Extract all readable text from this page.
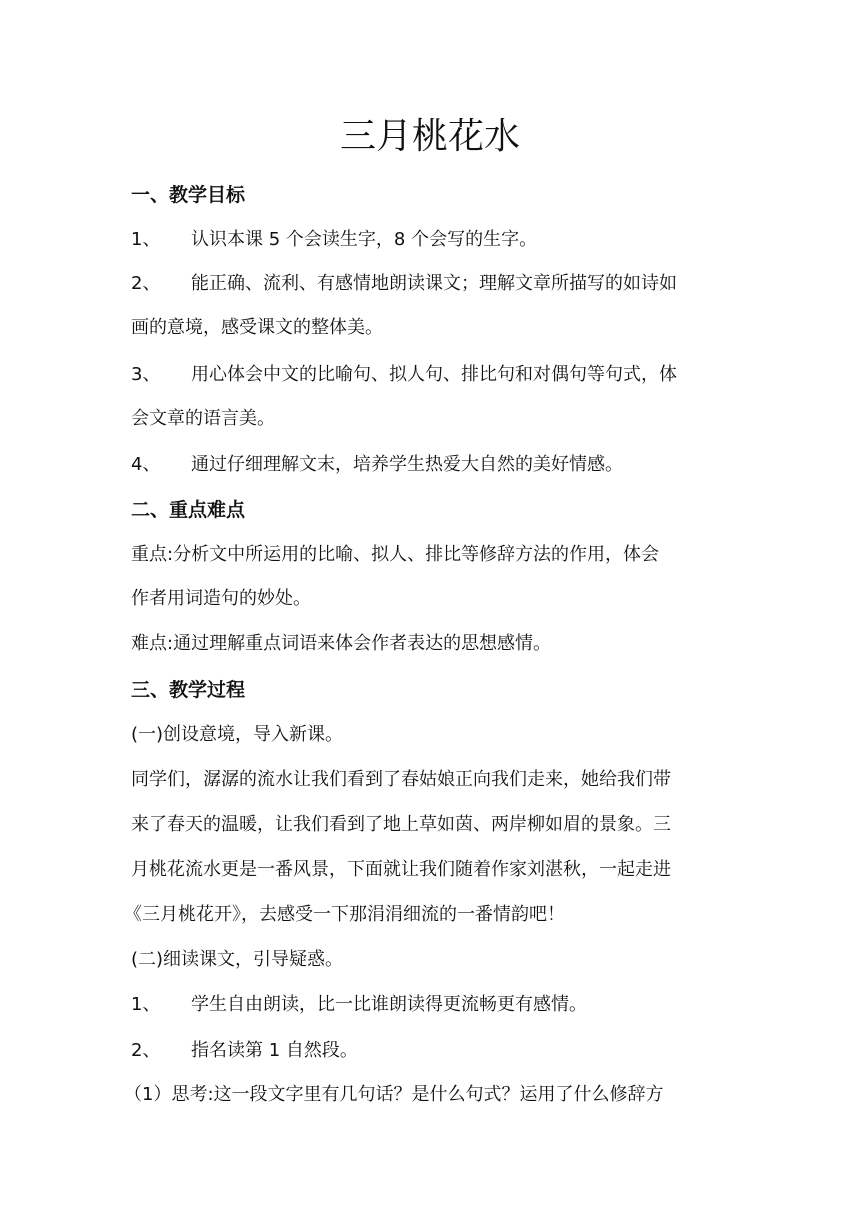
三月桃花水

一、教学目标

1、 认识本课 5 个会读生字，8 个会写的生字。

2、 能正确、流利、有感情地朗读课文；理解文章所描写的如诗如

画的意境，感受课文的整体美。

3、 用心体会中文的比喻句、拟人句、排比句和对偶句等句式，体

会文章的语言美。

4、 通过仔细理解文末，培养学生热爱大自然的美好情感。

二、重点难点

重点:分析文中所运用的比喻、拟人、排比等修辞方法的作用，体会

作者用词造句的妙处。

难点:通过理解重点词语来体会作者表达的思想感情。

三、教学过程

(一)创设意境，导入新课。

同学们，潺潺的流水让我们看到了春姑娘正向我们走来，她给我们带

来了春天的温暖，让我们看到了地上草如茵、两岸柳如眉的景象。三

月桃花流水更是一番风景，下面就让我们随着作家刘湛秋，一起走进

《三月桃花开》，去感受一下那涓涓细流的一番情韵吧！

(二)细读课文，引导疑惑。

1、 学生自由朗读，比一比谁朗读得更流畅更有感情。

2、 指名读第 1 自然段。

（1）思考:这一段文字里有几句话？是什么句式？运用了什么修辞方
